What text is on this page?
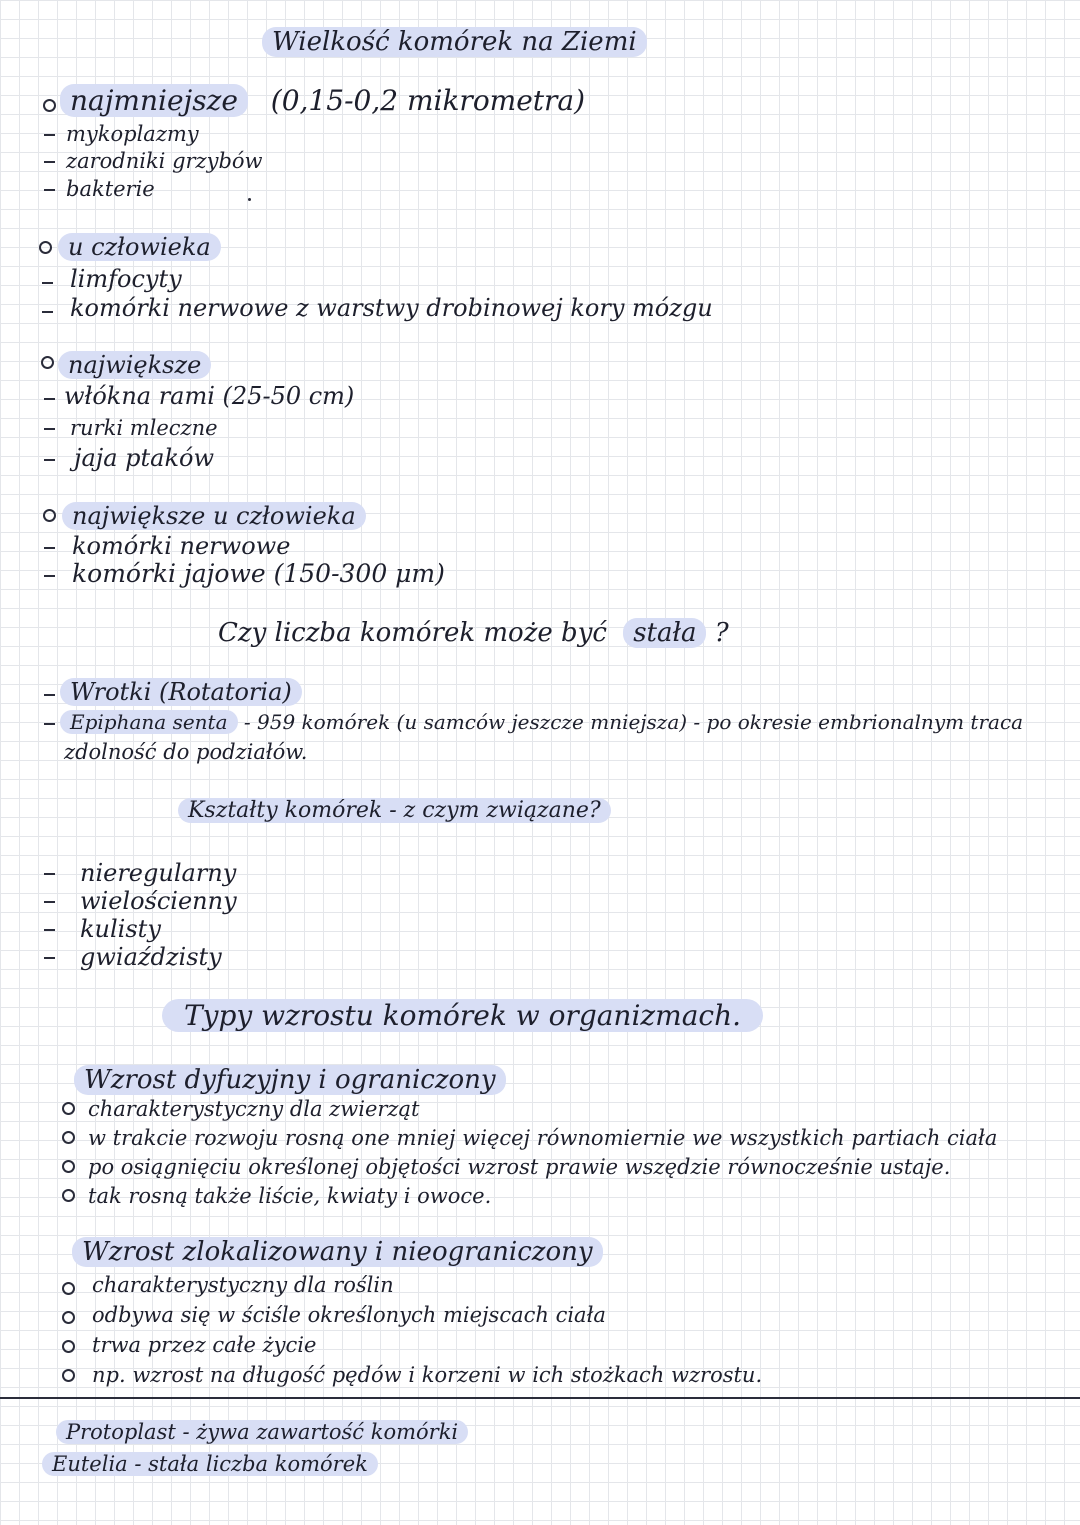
Wielkość komórek na Ziemi
najmniejsze (0,15-0,2 mikrometra)
mykoplazmy
zarodniki grzybów
bakterie
u człowieka
limfocyty
komórki nerwowe z warstwy drobinowej kory mózgu
największe
włókna rami (25-50 cm)
rurki mleczne
jaja ptaków
największe u człowieka
komórki nerwowe
komórki jajowe (150-300 μm)
Czy liczba komórek może być stała ?
Wrotki (Rotatoria)
Epiphana senta - 959 komórek (u samców jeszcze mniejsza) - po okresie embrionalnym traca
zdolność do podziałów.
Kształty komórek - z czym związane?
nieregularny
wielościenny
kulisty
gwiaździsty
Typy wzrostu komórek w organizmach.
Wzrost dyfuzyjny i ograniczony
charakterystyczny dla zwierząt
w trakcie rozwoju rosną one mniej więcej równomiernie we wszystkich partiach ciała
po osiągnięciu określonej objętości wzrost prawie wszędzie równocześnie ustaje.
tak rosną także liście, kwiaty i owoce.
Wzrost zlokalizowany i nieograniczony
charakterystyczny dla roślin
odbywa się w ściśle określonych miejscach ciała
trwa przez całe życie
np. wzrost na długość pędów i korzeni w ich stożkach wzrostu.
Protoplast - żywa zawartość komórki
Eutelia - stała liczba komórek
